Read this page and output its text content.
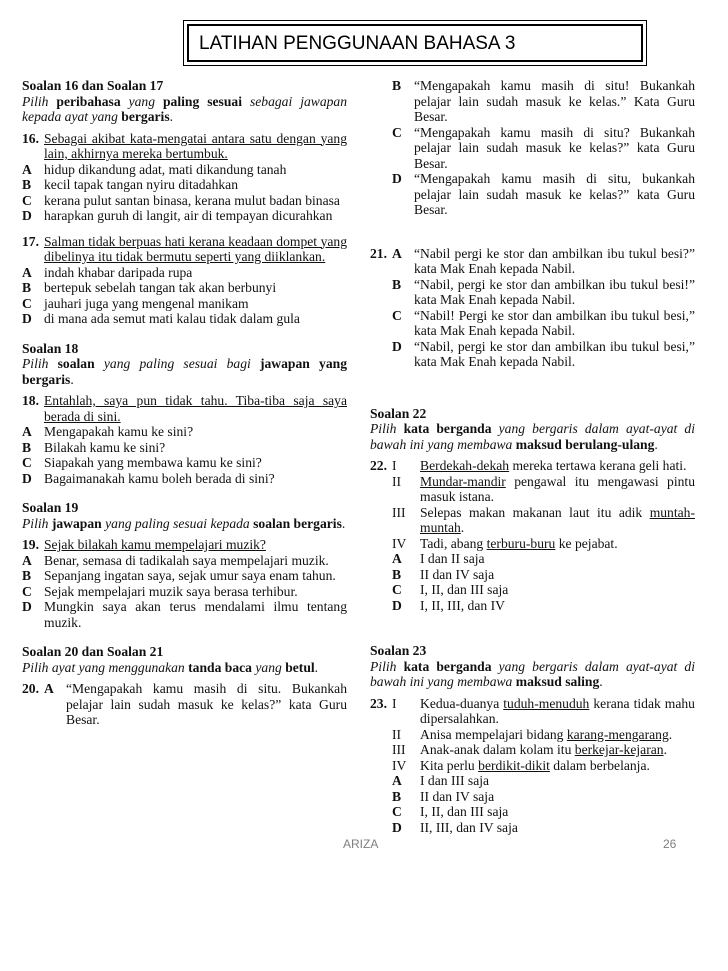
LATIHAN PENGGUNAAN BAHASA 3
Soalan 16 dan Soalan 17

Pilih peribahasa yang paling sesuai sebagai jawapan kepada ayat yang bergaris.

16. Sebagai akibat kata-mengatai antara satu dengan yang lain, akhirnya mereka bertumbuk.
A hidup dikandung adat, mati dikandung tanah
B kecil tapak tangan nyiru ditadahkan
C kerana pulut santan binasa, kerana mulut badan binasa
D harapkan guruh di langit, air di tempayan dicurahkan
17. Salman tidak berpuas hati kerana keadaan dompet yang dibelinya itu tidak bermutu seperti yang diiklankan.
A indah khabar daripada rupa
B bertepuk sebelah tangan tak akan berbunyi
C jauhari juga yang mengenal manikam
D di mana ada semut mati kalau tidak dalam gula
Soalan 18

Pilih soalan yang paling sesuai bagi jawapan yang bergaris.

18. Entahlah, saya pun tidak tahu. Tiba-tiba saja saya berada di sini.
A Mengapakah kamu ke sini?
B Bilakah kamu ke sini?
C Siapakah yang membawa kamu ke sini?
D Bagaimanakah kamu boleh berada di sini?
Soalan 19

Pilih jawapan yang paling sesuai kepada soalan bergaris.

19. Sejak bilakah kamu mempelajari muzik?
A Benar, semasa di tadikalah saya mempelajari muzik.
B Sepanjang ingatan saya, sejak umur saya enam tahun.
C Sejak mempelajari muzik saya berasa terhibur.
D Mungkin saya akan terus mendalami ilmu tentang muzik.
Soalan 20 dan Soalan 21

Pilih ayat yang menggunakan tanda baca yang betul.

20. A “Mengapakah kamu masih di situ. Bukankah pelajar lain sudah masuk ke kelas?” kata Guru Besar.
B “Mengapakah kamu masih di situ! Bukankah pelajar lain sudah masuk ke kelas.” Kata Guru Besar.
C “Mengapakah kamu masih di situ? Bukankah pelajar lain sudah masuk ke kelas?” kata Guru Besar.
D “Mengapakah kamu masih di situ, bukankah pelajar lain sudah masuk ke kelas?” kata Guru Besar.
21. A “Nabil pergi ke stor dan ambilkan ibu tukul besi?” kata Mak Enah kepada Nabil.
B “Nabil, pergi ke stor dan ambilkan ibu tukul besi!” kata Mak Enah kepada Nabil.
C “Nabil! Pergi ke stor dan ambilkan ibu tukul besi,” kata Mak Enah kepada Nabil.
D “Nabil, pergi ke stor dan ambilkan ibu tukul besi,” kata Mak Enah kepada Nabil.
Soalan 22

Pilih kata berganda yang bergaris dalam ayat-ayat di bawah ini yang membawa maksud berulang-ulang.

22. I	Berdekah-dekah mereka tertawa kerana geli hati.
II	Mundar-mandir pengawal itu mengawasi pintu masuk istana.
III	Selepas makan makanan laut itu adik muntah-muntah.
IV	Tadi, abang terburu-buru ke pejabat.
A	I dan II saja
B	II dan IV saja
C	I, II, dan III saja
D	I, II, III, dan IV
Soalan 23

Pilih kata berganda yang bergaris dalam ayat-ayat di bawah ini yang membawa maksud saling.

23. I	Kedua-duanya tuduh-menuduh kerana tidak mahu dipersalahkan.
II	Anisa mempelajari bidang karang-mengarang.
III	Anak-anak dalam kolam itu berkejar-kejaran.
IV	Kita perlu berdikit-dikit dalam berbelanja.
A	I dan III saja
B	II dan IV saja
C	I, II, dan III saja
D	II, III, dan IV saja
ARIZA	26
